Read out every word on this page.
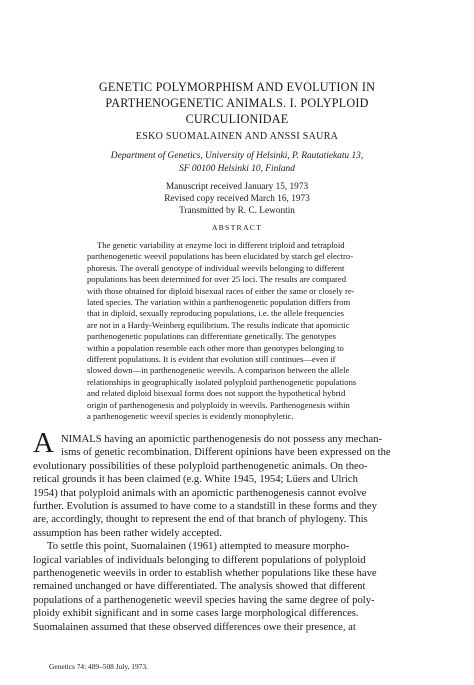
GENETIC POLYMORPHISM AND EVOLUTION IN
PARTHENOGENETIC ANIMALS. I. POLYPLOID
CURCULIONIDAE
ESKO SUOMALAINEN AND ANSSI SAURA
Department of Genetics, University of Helsinki, P. Rautatiekatu 13,
SF 00100 Helsinki 10, Finland
Manuscript received January 15, 1973
Revised copy received March 16, 1973
Transmitted by R. C. Lewontin
ABSTRACT
The genetic variability at enzyme loci in different triploid and tetraploid
parthenogenetic weevil populations has been elucidated by starch gel electro-
phoresis. The overall genotype of individual weevils belonging to different
populations has been determined for over 25 loci. The results are compared
with those obtained for diploid bisexual races of either the same or closely re-
lated species. The variation within a parthenogenetic population differs from
that in diploid, sexually reproducing populations, i.e. the allele frequencies
are not in a Hardy-Weinberg equilibrium. The results indicate that apomictic
parthenogenetic populations can differentiate genetically. The genotypes
within a population resemble each other more than genotypes belonging to
different populations. It is evident that evolution still continues—even if
slowed down—in parthenogenetic weevils. A comparison between the allele
relationships in geographically isolated polyploid parthenogenetic populations
and related diploid bisexual forms does not support the hypothetical hybrid
origin of parthenogenesis and polyploidy in weevils. Parthenogenesis within
a parthenogenetic weevil species is evidently monophyletic.
A NIMALS having an apomictic parthenogenesis do not possess any mechan-
isms of genetic recombination. Different opinions have been expressed on the
evolutionary possibilities of these polyploid parthenogenetic animals. On theo-
retical grounds it has been claimed (e.g. White 1945, 1954; Lüers and Ulrich
1954) that polyploid animals with an apomictic parthenogenesis cannot evolve
further. Evolution is assumed to have come to a standstill in these forms and they
are, accordingly, thought to represent the end of that branch of phylogeny. This
assumption has been rather widely accepted.
To settle this point, Suomalainen (1961) attempted to measure morpho-
logical variables of individuals belonging to different populations of polyploid
parthenogenetic weevils in order to establish whether populations like these have
remained unchanged or have differentiated. The analysis showed that different
populations of a parthenogenetic weevil species having the same degree of poly-
ploidy exhibit significant and in some cases large morphological differences.
Suomalainen assumed that these observed differences owe their presence, at
Genetics 74: 489–508 July, 1973.
